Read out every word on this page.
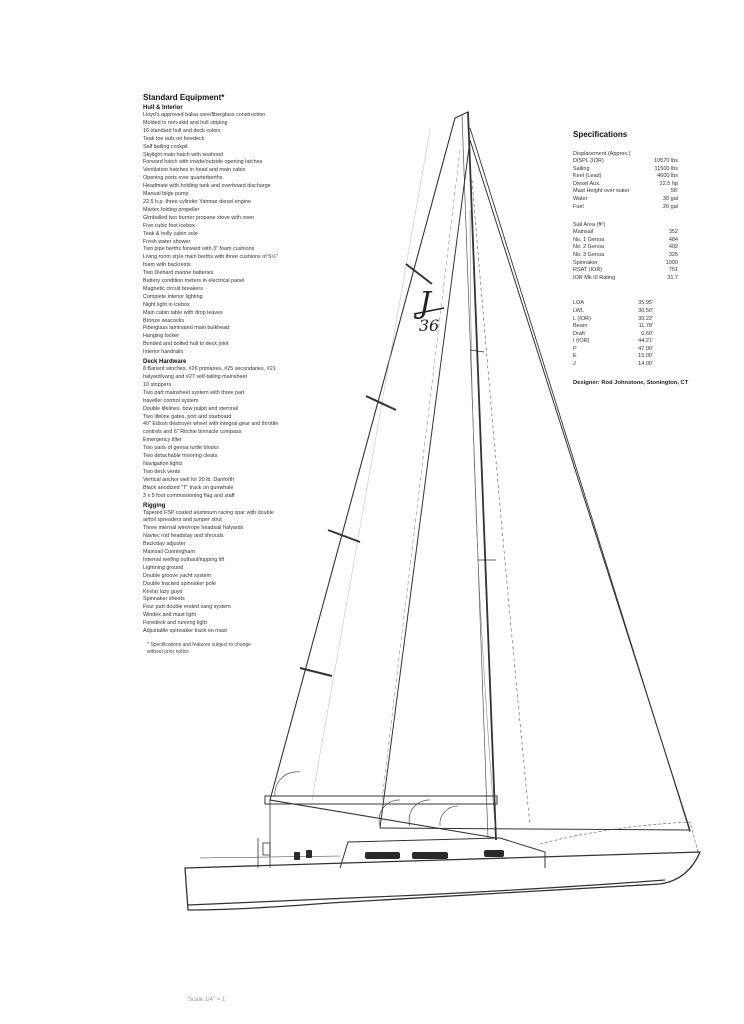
J
36
Standard Equipment*
Hull & Interior
Lloyd's approved balsa core/fiberglass construction
Molded in non-skid and hull striping
16 standard hull and deck colors
Teak toe rails on foredeck
Self bailing cockpit
Skylight main hatch with seahood
Forward hatch with inside/outside opening latches
Ventilation hatches in head and main cabin
Opening ports over quarterberths
Headmate with holding tank and overboard discharge
Manual bilge pump
22.5 h.p. three cylinder Yanmar diesel engine
Martec folding propeller
Gimballed two burner propane stove with oven
Five cubic foot icebox
Teak & holly cabin sole
Fresh water shower
Two pipe berths forward with 3" foam cushions
Living room style main berths with three cushions of 5½"
foam with backrests
Two Diehard marine batteries
Battery condition meters in electrical panel
Magnetic circuit breakers
Complete interior lighting
Night light in icebox
Main cabin table with drop leaves
Bronze seacocks
Fiberglass laminated main bulkhead
Hanging locker
Bonded and bolted hull to deck joint
Interior handrails
Deck Hardware
8 Barient winches, #26 primaries, #25 secondaries, #21
halyard/vang and #27 self-tailing mainsheet
10 stoppers
Two part mainsheet system with three part
traveller control system
Double lifelines, bow pulpit and sternrail
Two lifeline gates, port and starboard
40" Edson destroyer wheel with integral gear and throttle
controls and 6" Ritchie binnacle compass
Emergency tiller
Two pairs of genoa turtle blocks
Two detachable mooring cleats
Navigation lights
Two deck vents
Vertical anchor well for 20 lb. Danforth
Black anodized "T" track on gunwhale
3 x 5 foot commissioning flag and staff
Rigging
Tapered FSP coated aluminum racing spar with double
airfoil spreaders and jumper strut
Three internal wire/rope headsail halyards
Navtec rod headstay and shrouds
Backstay adjuster
Mainsail Cunningham
Internal reefing outhaul/topping lift
Lightning ground
Double groove yacht system
Double tracked spinnaker pole
Kevlar lazy guys
Spinnaker sheets
Four part double ended vang system
Windex and mast light
Foredeck and running light
Adjustable spinnaker track on mast
* Specifications and features subject to change
without prior notice
Specifications
Displacement (Approx.)
DISPL (IOR)	10570 lbs
Sailing	11500 lbs
Keel (Lead)	4600 lbs
Diesel Aux.	22.5 hp
Mast Height over water	56'
Water	30 gal
Fuel	20 gal
Sail Area (ft²)
Mainsail	352
No. 1 Genoa	484
No. 2 Genoa	402
No. 3 Genoa	325
Spinnaker	1000
RSAT (IOR)	751
IOR Mk III Rating	31.7
LOA	35.95'
LWL	30.50'
L (IOR)	30.22'
Beam	11.78'
Draft	6.60'
I (IOR)	44.21'
P	47.00'
E	15.00'
J	14.00'
Designer: Rod Johnstone, Stonington, CT
Scale 1/4" = 1'
